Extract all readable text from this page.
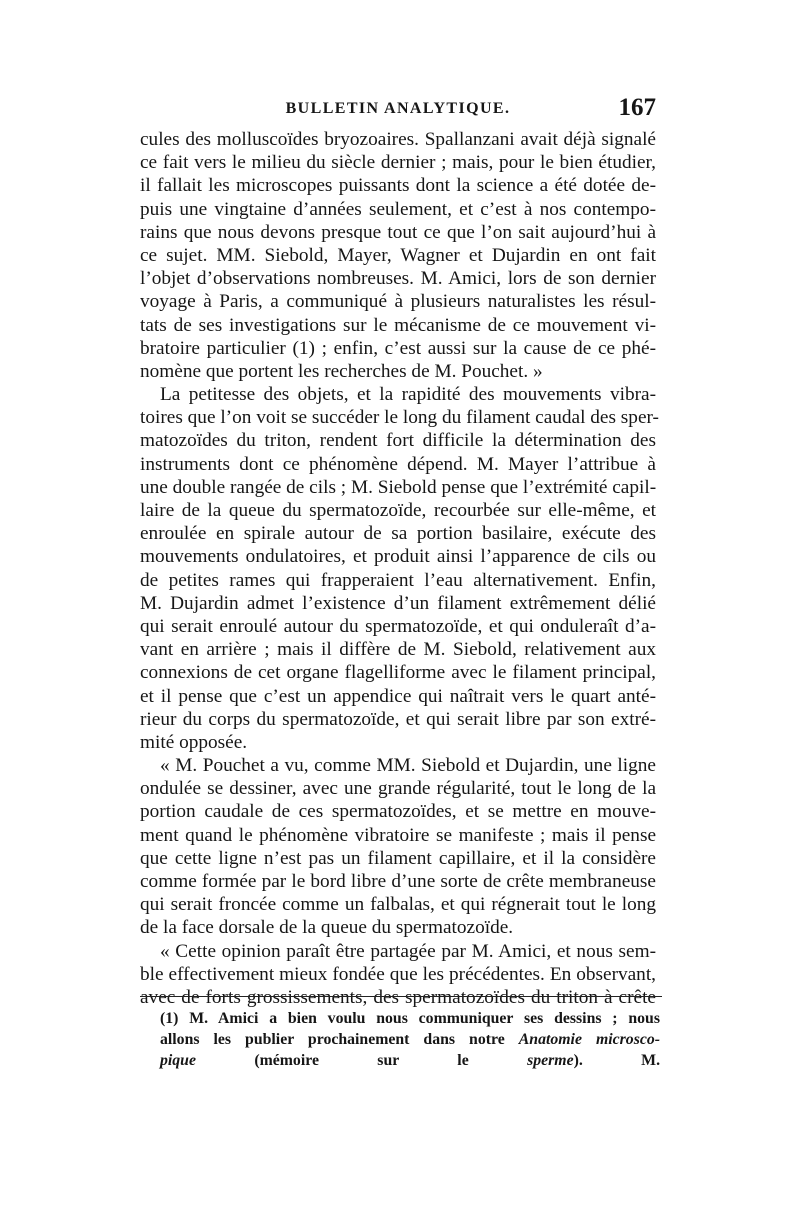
BULLETIN ANALYTIQUE.	167
cules des molluscoïdes bryozoaires. Spallanzani avait déjà signalé
ce fait vers le milieu du siècle dernier ; mais, pour le bien étudier,
il fallait les microscopes puissants dont la science a été dotée de-
puis une vingtaine d’années seulement, et c’est à nos contempo-
rains que nous devons presque tout ce que l’on sait aujourd’hui à
ce sujet. MM. Siebold, Mayer, Wagner et Dujardin en ont fait
l’objet d’observations nombreuses. M. Amici, lors de son dernier
voyage à Paris, a communiqué à plusieurs naturalistes les résul-
tats de ses investigations sur le mécanisme de ce mouvement vi-
bratoire particulier (1) ; enfin, c’est aussi sur la cause de ce phé-
nomène que portent les recherches de M. Pouchet. »
La petitesse des objets, et la rapidité des mouvements vibra-
toires que l’on voit se succéder le long du filament caudal des sper-
matozoïdes du triton, rendent fort difficile la détermination des
instruments dont ce phénomène dépend. M. Mayer l’attribue à
une double rangée de cils ; M. Siebold pense que l’extrémité capil-
laire de la queue du spermatozoïde, recourbée sur elle-même, et
enroulée en spirale autour de sa portion basilaire, exécute des
mouvements ondulatoires, et produit ainsi l’apparence de cils ou
de petites rames qui frapperaient l’eau alternativement. Enfin,
M. Dujardin admet l’existence d’un filament extrêmement délié
qui serait enroulé autour du spermatozoïde, et qui onduleraît d’a-
vant en arrière ; mais il diffère de M. Siebold, relativement aux
connexions de cet organe flagelliforme avec le filament principal,
et il pense que c’est un appendice qui naîtrait vers le quart anté-
rieur du corps du spermatozoïde, et qui serait libre par son extré-
mité opposée.
« M. Pouchet a vu, comme MM. Siebold et Dujardin, une ligne
ondulée se dessiner, avec une grande régularité, tout le long de la
portion caudale de ces spermatozoïdes, et se mettre en mouve-
ment quand le phénomène vibratoire se manifeste ; mais il pense
que cette ligne n’est pas un filament capillaire, et il la considère
comme formée par le bord libre d’une sorte de crête membraneuse
qui serait froncée comme un falbalas, et qui régnerait tout le long
de la face dorsale de la queue du spermatozoïde.
« Cette opinion paraît être partagée par M. Amici, et nous sem-
ble effectivement mieux fondée que les précédentes. En observant,
avec de forts grossissements, des spermatozoïdes du triton à crête
(1) M. Amici a bien voulu nous communiquer ses dessins ; nous
allons les publier prochainement dans notre Anatomie microsco-
pique	(mémoire sur le	sperme).	M.
